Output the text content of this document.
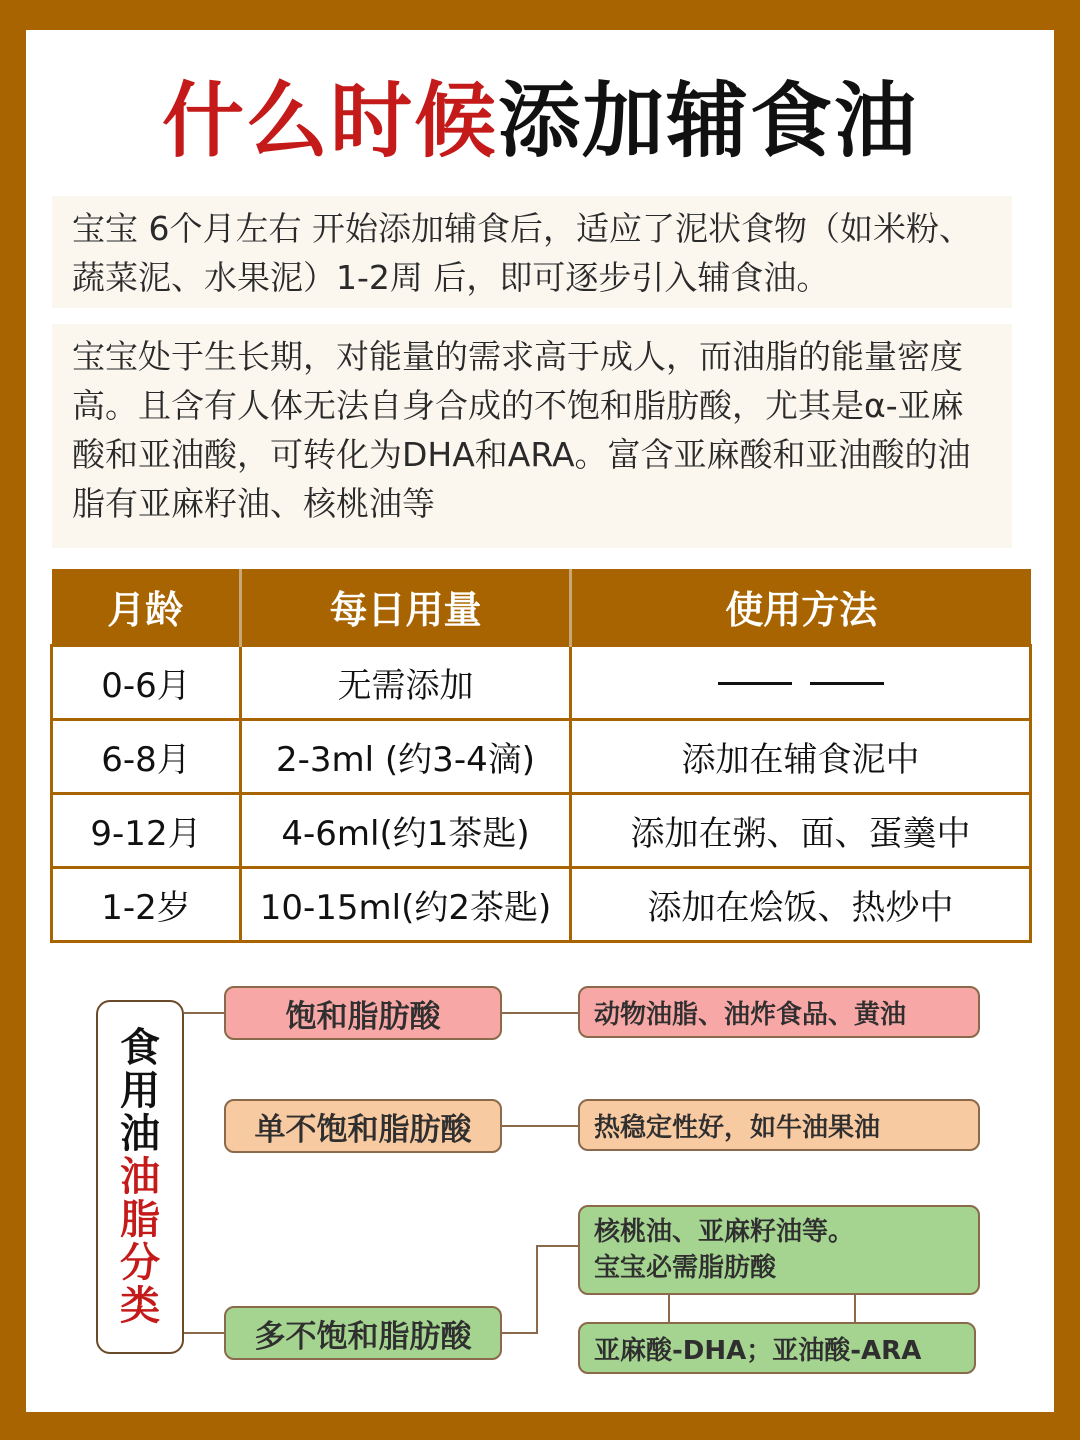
什么时候添加辅食油

宝宝 6个月左右 开始添加辅食后，适应了泥状食物（如米粉、蔬菜泥、水果泥）1-2周 后，即可逐步引入辅食油。

宝宝处于生长期，对能量的需求高于成人，而油脂的能量密度高。且含有人体无法自身合成的不饱和脂肪酸，尤其是α-亚麻酸和亚油酸，可转化为DHA和ARA。富含亚麻酸和亚油酸的油脂有亚麻籽油、核桃油等

月龄	每日用量	使用方法
0-6月	无需添加	
6-8月	2-3ml (约3-4滴)	添加在辅食泥中
9-12月	4-6ml(约1茶匙)	添加在粥、面、蛋羹中
1-2岁	10-15ml(约2茶匙)	添加在烩饭、热炒中
食
用
油
油
脂
分
类
饱和脂肪酸	动物油脂、油炸食品、黄油
单不饱和脂肪酸	热稳定性好，如牛油果油
多不饱和脂肪酸
核桃油、亚麻籽油等。
宝宝必需脂肪酸
亚麻酸-DHA；亚油酸-ARA
